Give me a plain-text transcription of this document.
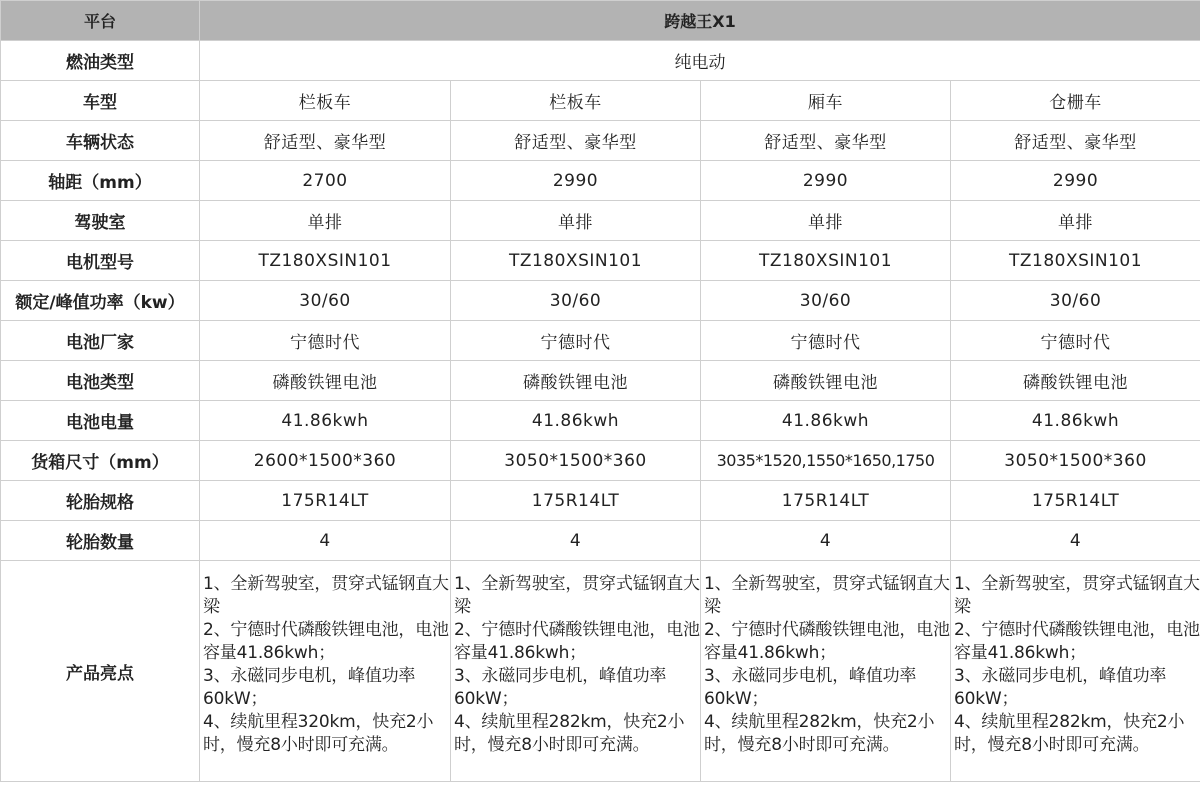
平台	跨越王X1			
燃油类型	纯电动			
车型	栏板车	栏板车	厢车	仓栅车
车辆状态	舒适型、豪华型	舒适型、豪华型	舒适型、豪华型	舒适型、豪华型
轴距（mm）	2700	2990	2990	2990
驾驶室	单排	单排	单排	单排
电机型号	TZ180XSIN101	TZ180XSIN101	TZ180XSIN101	TZ180XSIN101
额定/峰值功率（kw）	30/60	30/60	30/60	30/60
电池厂家	宁德时代	宁德时代	宁德时代	宁德时代
电池类型	磷酸铁锂电池	磷酸铁锂电池	磷酸铁锂电池	磷酸铁锂电池
电池电量	41.86kwh	41.86kwh	41.86kwh	41.86kwh
货箱尺寸（mm）	2600*1500*360	3050*1500*360	3035*1520,1550*1650,1750	3050*1500*360
轮胎规格	175R14LT	175R14LT	175R14LT	175R14LT
轮胎数量	4	4	4	4
产品亮点	1、全新驾驶室，贯穿式锰钢直大梁
2、宁德时代磷酸铁锂电池，电池容量41.86kwh；
3、永磁同步电机，峰值功率60kW；
4、续航里程320km，快充2小时，慢充8小时即可充满。	1、全新驾驶室，贯穿式锰钢直大梁
2、宁德时代磷酸铁锂电池，电池容量41.86kwh；
3、永磁同步电机，峰值功率60kW；
4、续航里程282km，快充2小时，慢充8小时即可充满。	1、全新驾驶室，贯穿式锰钢直大梁
2、宁德时代磷酸铁锂电池，电池容量41.86kwh；
3、永磁同步电机，峰值功率60kW；
4、续航里程282km，快充2小时，慢充8小时即可充满。	1、全新驾驶室，贯穿式锰钢直大梁
2、宁德时代磷酸铁锂电池，电池容量41.86kwh；
3、永磁同步电机，峰值功率60kW；
4、续航里程282km，快充2小时，慢充8小时即可充满。
